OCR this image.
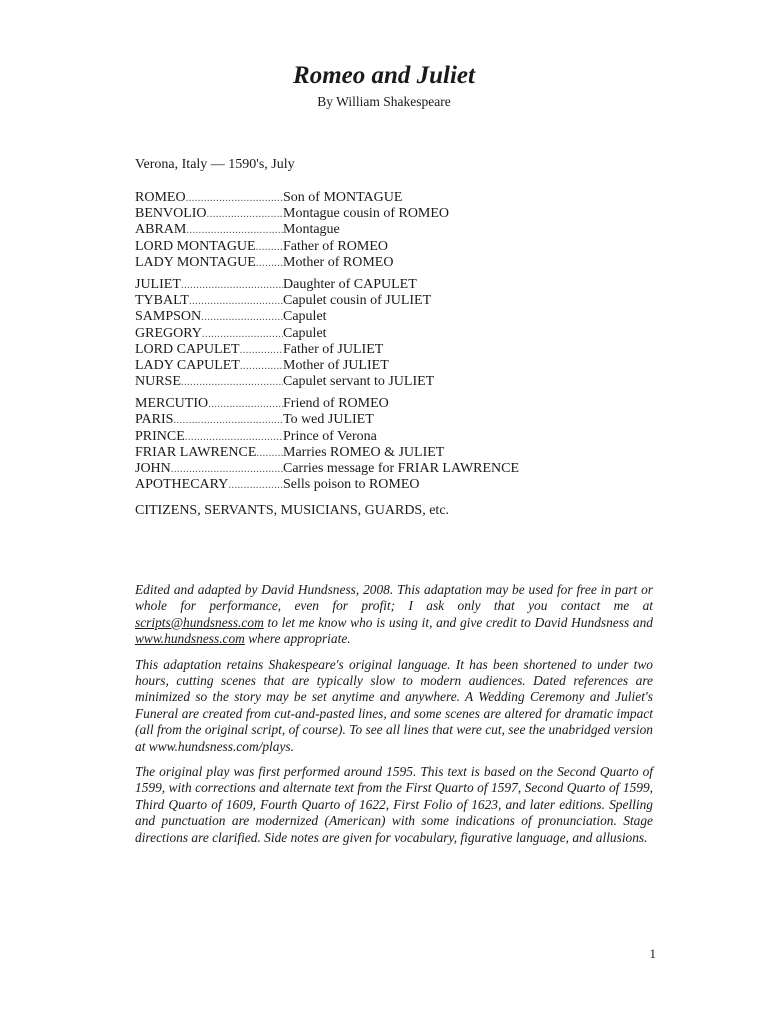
Romeo and Juliet
By William Shakespeare
Verona, Italy — 1590's, July
ROMEO .....	Son of MONTAGUE
BENVOLIO .....	Montague cousin of ROMEO
ABRAM .....	Montague
LORD MONTAGUE ..... Father of ROMEO
LADY MONTAGUE ..... Mother of ROMEO
JULIET .....	Daughter of CAPULET
TYBALT .....	Capulet cousin of JULIET
SAMPSON .....	Capulet
GREGORY .....	Capulet
LORD CAPULET .....	Father of JULIET
LADY CAPULET .....	Mother of JULIET
NURSE .....	Capulet servant to JULIET
MERCUTIO .....	Friend of ROMEO
PARIS .....	To wed JULIET
PRINCE .....	Prince of Verona
FRIAR LAWRENCE ..... Marries ROMEO & JULIET
JOHN .....	Carries message for FRIAR LAWRENCE
APOTHECARY .....	Sells poison to ROMEO
CITIZENS, SERVANTS, MUSICIANS, GUARDS, etc.

Edited and adapted by David Hundsness, 2008. This adaptation may be used for free in part or whole for performance, even for profit; I ask only that you contact me at scripts@hundsness.com to let me know who is using it, and give credit to David Hundsness and www.hundsness.com where appropriate.

This adaptation retains Shakespeare's original language. It has been shortened to under two hours, cutting scenes that are typically slow to modern audiences. Dated references are minimized so the story may be set anytime and anywhere. A Wedding Ceremony and Juliet's Funeral are created from cut-and-pasted lines, and some scenes are altered for dramatic impact (all from the original script, of course). To see all lines that were cut, see the unabridged version at www.hundsness.com/plays.

The original play was first performed around 1595. This text is based on the Second Quarto of 1599, with corrections and alternate text from the First Quarto of 1597, Second Quarto of 1599, Third Quarto of 1609, Fourth Quarto of 1622, First Folio of 1623, and later editions. Spelling and punctuation are modernized (American) with some indications of pronunciation. Stage directions are clarified. Side notes are given for vocabulary, figurative language, and allusions.

1
